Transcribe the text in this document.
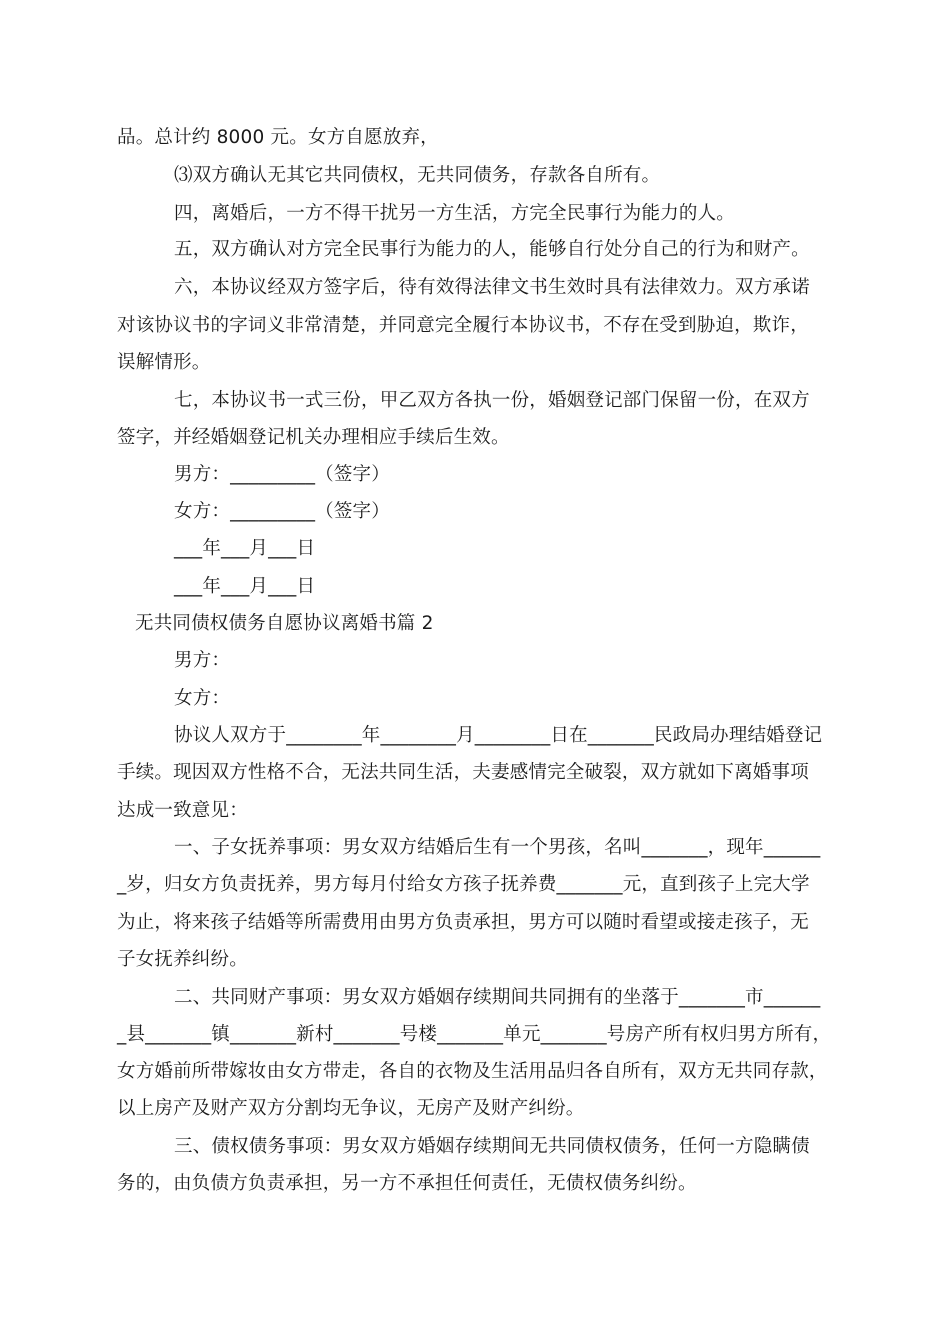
品。总计约 8000 元。女方自愿放弃，
⑶双方确认无其它共同债权，无共同债务，存款各自所有。
四，离婚后，一方不得干扰另一方生活，方完全民事行为能力的人。
五，双方确认对方完全民事行为能力的人，能够自行处分自己的行为和财产。
六，本协议经双方签字后，待有效得法律文书生效时具有法律效力。双方承诺
对该协议书的字词义非常清楚，并同意完全履行本协议书，不存在受到胁迫，欺诈，
误解情形。
七，本协议书一式三份，甲乙双方各执一份，婚姻登记部门保留一份，在双方
签字，并经婚姻登记机关办理相应手续后生效。
男方：_________（签字）
女方：_________（签字）
___年___月___日
___年___月___日
无共同债权债务自愿协议离婚书篇 2
男方：
女方：
协议人双方于________年________月________日在_______民政局办理结婚登记
手续。现因双方性格不合，无法共同生活，夫妻感情完全破裂，双方就如下离婚事项
达成一致意见：
一、子女抚养事项：男女双方结婚后生有一个男孩，名叫_______，现年______
_岁，归女方负责抚养，男方每月付给女方孩子抚养费_______元，直到孩子上完大学
为止，将来孩子结婚等所需费用由男方负责承担，男方可以随时看望或接走孩子，无
子女抚养纠纷。
二、共同财产事项：男女双方婚姻存续期间共同拥有的坐落于_______市______
_县_______镇_______新村_______号楼_______单元_______号房产所有权归男方所有，
女方婚前所带嫁妆由女方带走，各自的衣物及生活用品归各自所有，双方无共同存款，
以上房产及财产双方分割均无争议，无房产及财产纠纷。
三、债权债务事项：男女双方婚姻存续期间无共同债权债务，任何一方隐瞒债
务的，由负债方负责承担，另一方不承担任何责任，无债权债务纠纷。
